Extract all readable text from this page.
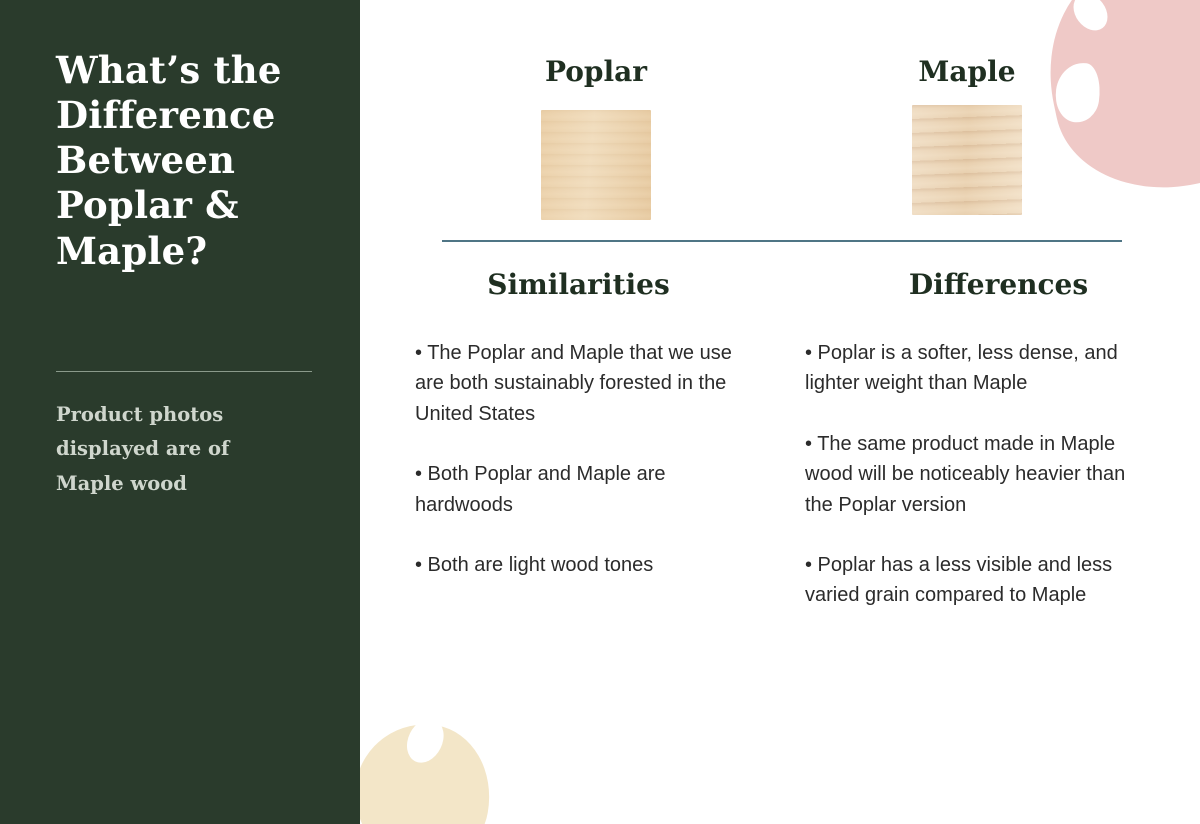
What’s the Difference Between Poplar & Maple?

Product photos displayed are of Maple wood

Poplar	Maple

Similarities
• The Poplar and Maple that we use are both sustainably forested in the United States
• Both Poplar and Maple are hardwoods
• Both are light wood tones
Differences
• Poplar is a softer, less dense, and lighter weight than Maple
• The same product made in Maple wood will be noticeably heavier than the Poplar version
• Poplar has a less visible and less varied grain compared to Maple
